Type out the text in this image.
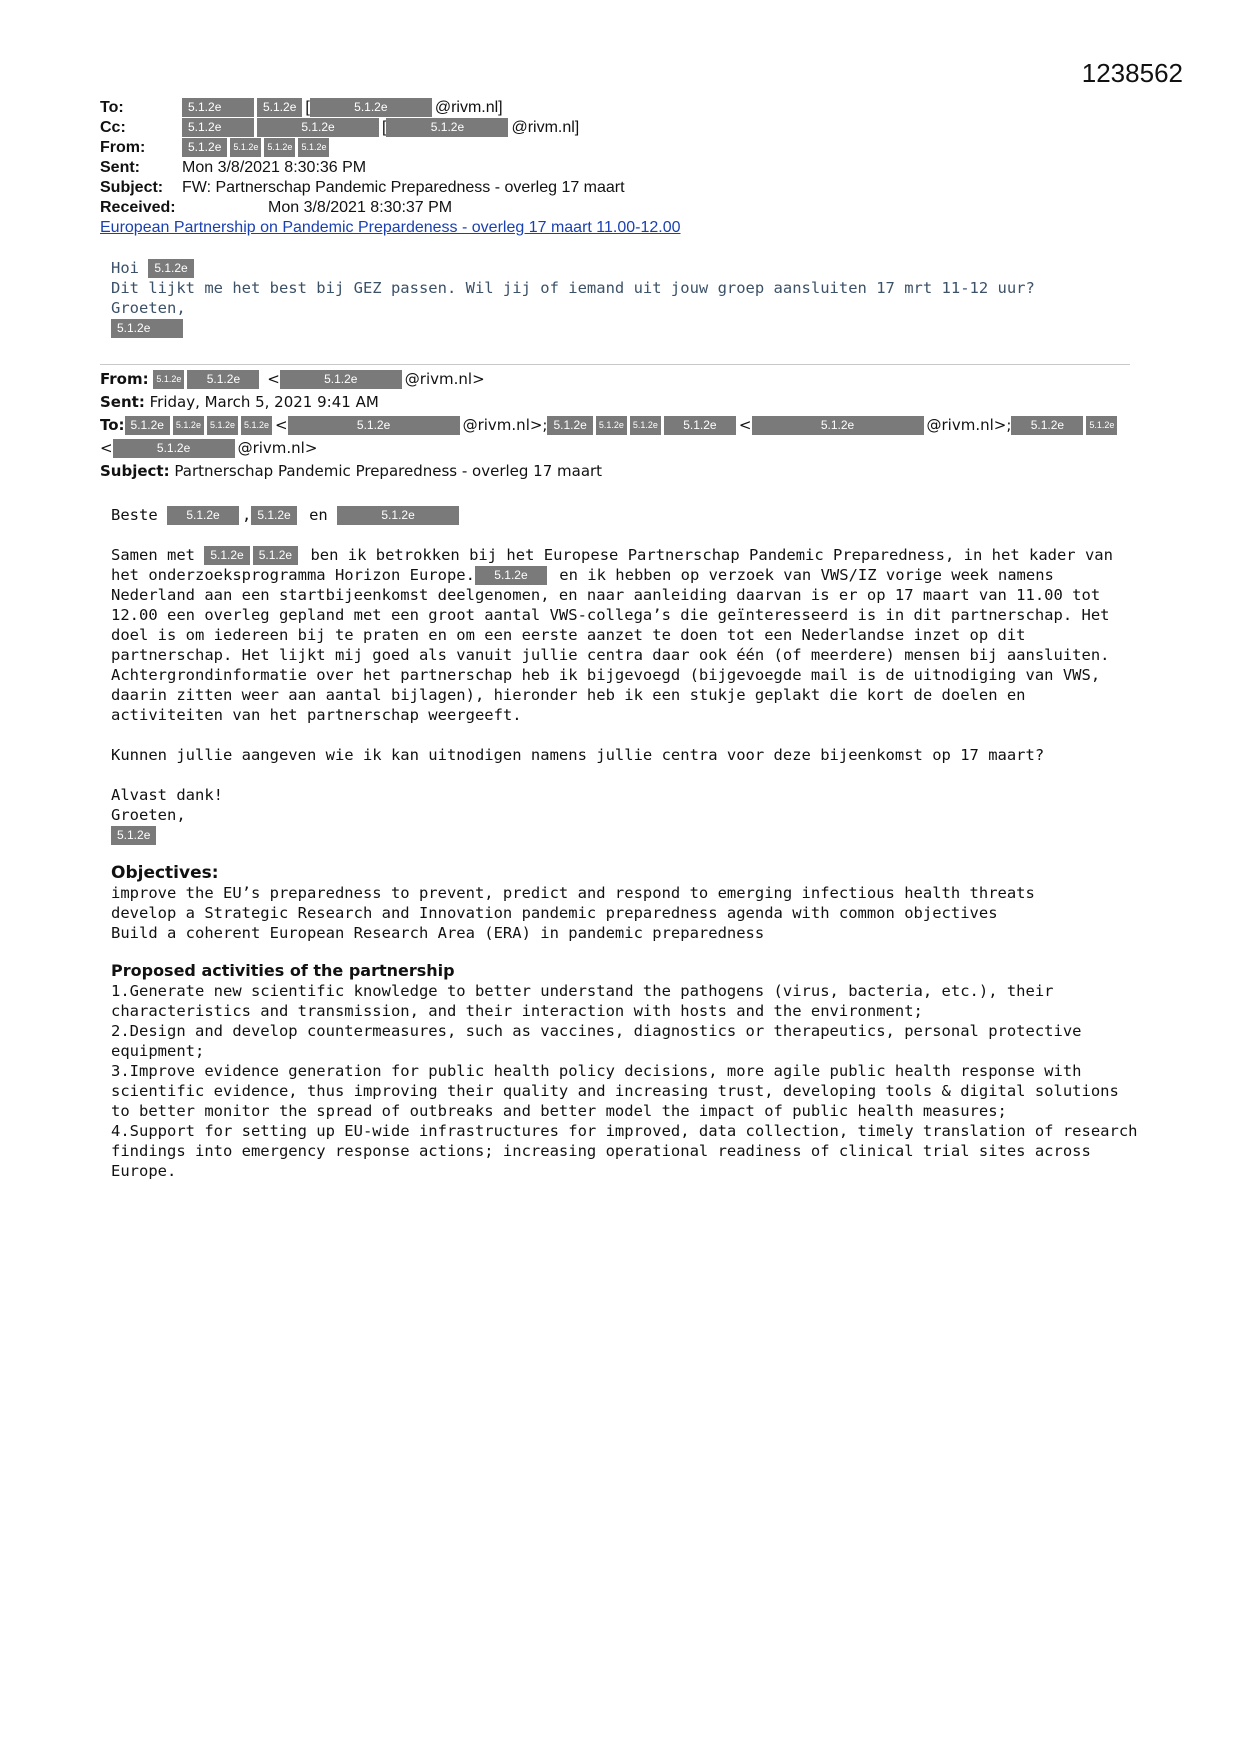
1238562
To:	5.1.2e	5.1.2e [	5.1.2e	@rivm.nl]
Cc:	5.1.2e	5.1.2e	[	5.1.2e	@rivm.nl]
From:	5.1.2e 5.1.2e 5.1.2e 5.1.2e
Sent:	Mon 3/8/2021 8:30:36 PM
Subject: FW: Partnerschap Pandemic Preparedness - overleg 17 maart
Received:	Mon 3/8/2021 8:30:37 PM
European Partnership on Pandemic Prepardeness - overleg 17 maart 11.00-12.00
Hoi 5.1.2e
Dit lijkt me het best bij GEZ passen. Wil jij of iemand uit jouw groep aansluiten 17 mrt 11-12 uur?
Groeten,
5.1.2e
From: 5.1.2e 5.1.2e <	5.1.2e	@rivm.nl>
Sent: Friday, March 5, 2021 9:41 AM
To: 5.1.2e 5.1.2e 5.1.2e 5.1.2e <	5.1.2e	@rivm.nl>; 5.1.2e 5.1.2e 5.1.2e 5.1.2e <	5.1.2e	@rivm.nl>; 5.1.2e	5.1.2e
<	5.1.2e	@rivm.nl>
Subject: Partnerschap Pandemic Preparedness - overleg 17 maart

Beste 5.1.2e , 5.1.2e en	5.1.2e

Samen met 5.1.2e 5.1.2e ben ik betrokken bij het Europese Partnerschap Pandemic Preparedness, in het kader van het onderzoeksprogramma Horizon Europe. 5.1.2e en ik hebben op verzoek van VWS/IZ vorige week namens Nederland aan een startbijeenkomst deelgenomen, en naar aanleiding daarvan is er op 17 maart van 11.00 tot 12.00 een overleg gepland met een groot aantal VWS-collega’s die geïnteresseerd is in dit partnerschap. Het doel is om iedereen bij te praten en om een eerste aanzet te doen tot een Nederlandse inzet op dit partnerschap. Het lijkt mij goed als vanuit jullie centra daar ook één (of meerdere) mensen bij aansluiten. Achtergrondinformatie over het partnerschap heb ik bijgevoegd (bijgevoegde mail is de uitnodiging van VWS, daarin zitten weer aan aantal bijlagen), hieronder heb ik een stukje geplakt die kort de doelen en activiteiten van het partnerschap weergeeft.

Kunnen jullie aangeven wie ik kan uitnodigen namens jullie centra voor deze bijeenkomst op 17 maart?

Alvast dank!
Groeten,
5.1.2e
Objectives:
improve the EU’s preparedness to prevent, predict and respond to emerging infectious health threats
develop a Strategic Research and Innovation pandemic preparedness agenda with common objectives
Build a coherent European Research Area (ERA) in pandemic preparedness
Proposed activities of the partnership
1.Generate new scientific knowledge to better understand the pathogens (virus, bacteria, etc.), their characteristics and transmission, and their interaction with hosts and the environment;
2.Design and develop countermeasures, such as vaccines, diagnostics or therapeutics, personal protective equipment;
3.Improve evidence generation for public health policy decisions, more agile public health response with scientific evidence, thus improving their quality and increasing trust, developing tools & digital solutions to better monitor the spread of outbreaks and better model the impact of public health measures;
4.Support for setting up EU-wide infrastructures for improved, data collection, timely translation of research findings into emergency response actions; increasing operational readiness of clinical trial sites across Europe.
